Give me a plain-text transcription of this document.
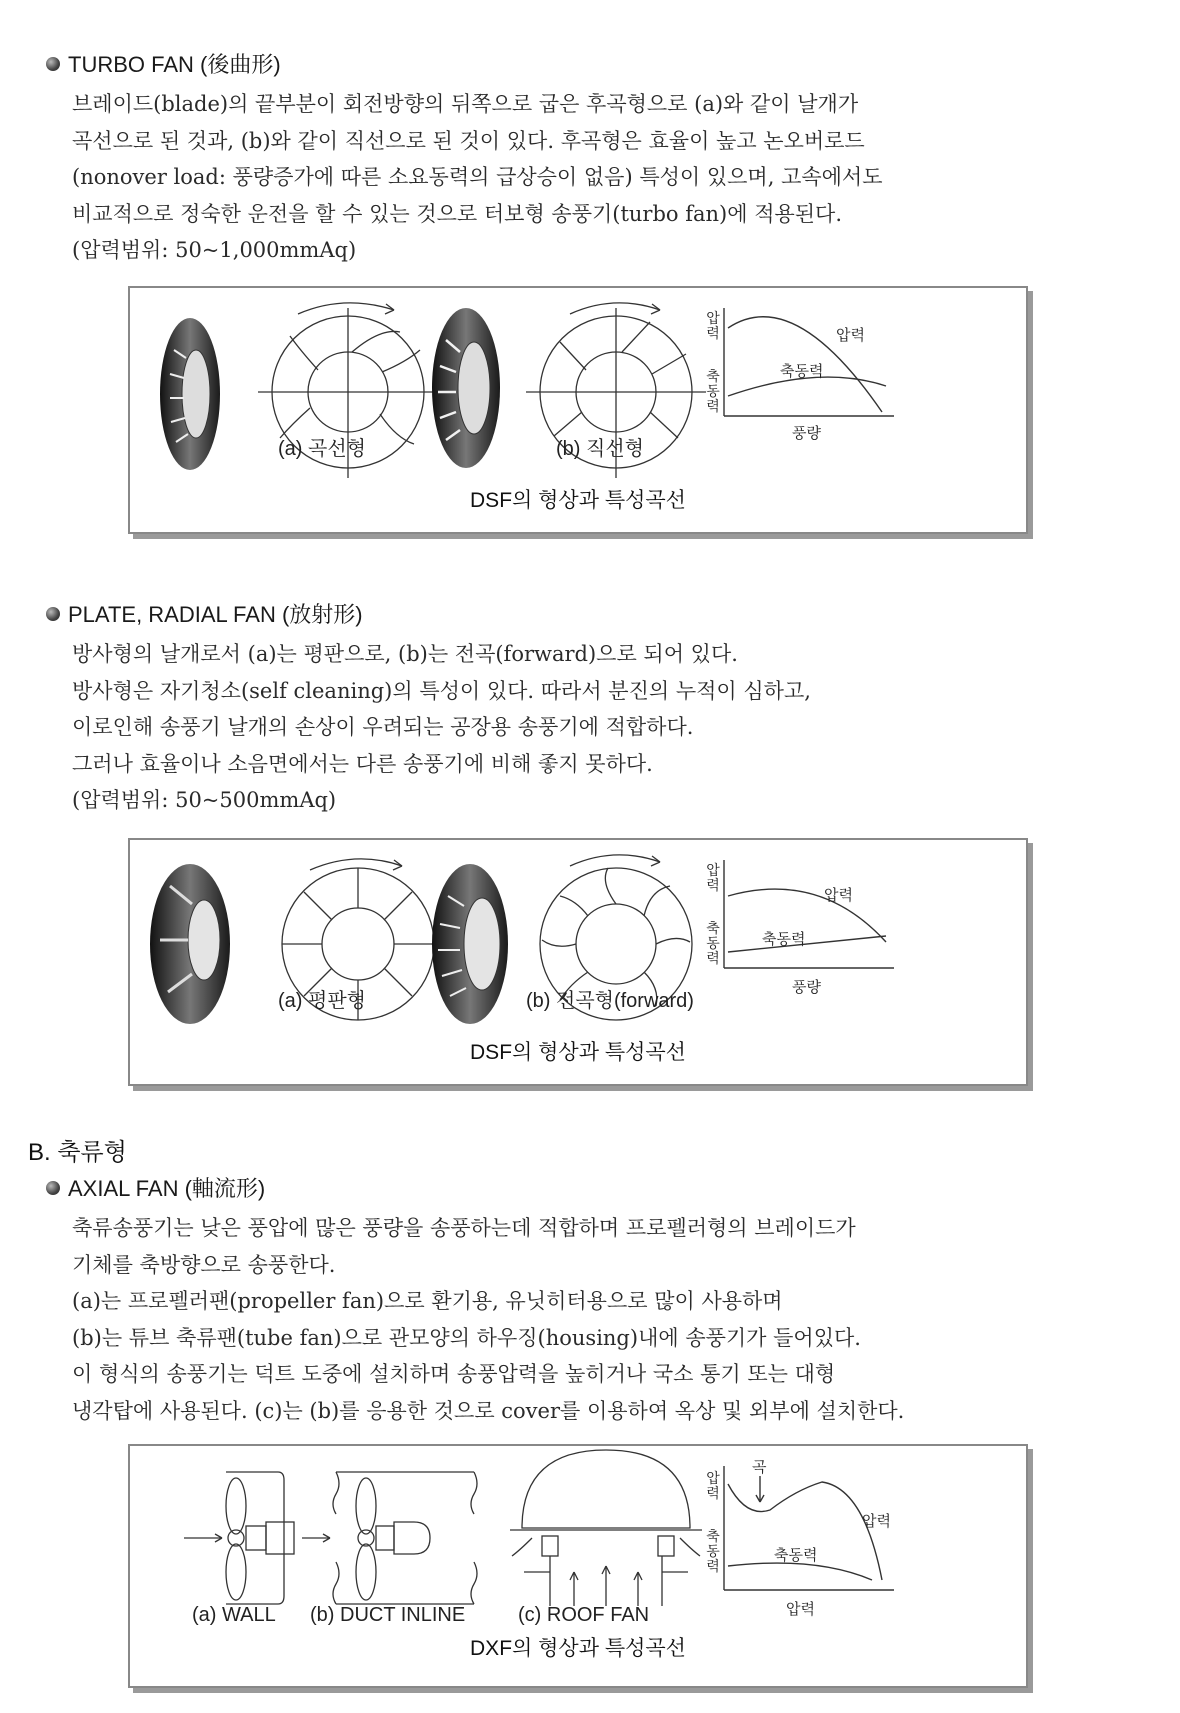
TURBO FAN (後曲形)
브레이드(blade)의 끝부분이 회전방향의 뒤쪽으로 굽은 후곡형으로 (a)와 같이 날개가
곡선으로 된 것과, (b)와 같이 직선으로 된 것이 있다. 후곡형은 효율이 높고 논오버로드
(nonover load: 풍량증가에 따른 소요동력의 급상승이 없음) 특성이 있으며, 고속에서도
비교적으로 정숙한 운전을 할 수 있는 것으로 터보형 송풍기(turbo fan)에 적용된다.
(압력범위: 50~1,000mmAq)
(a) 곡선형	(b) 직선형
압력
축동력
압력
축동력
풍량
DSF의 형상과 특성곡선
PLATE, RADIAL FAN (放射形)
방사형의 날개로서 (a)는 평판으로, (b)는 전곡(forward)으로 되어 있다.
방사형은 자기청소(self cleaning)의 특성이 있다. 따라서 분진의 누적이 심하고,
이로인해 송풍기 날개의 손상이 우려되는 공장용 송풍기에 적합하다.
그러나 효율이나 소음면에서는 다른 송풍기에 비해 좋지 못하다.
(압력범위: 50~500mmAq)
(a) 평판형	(b) 전곡형(forward)
압력
축동력
압력
축동력
풍량
DSF의 형상과 특성곡선
B. 축류형
AXIAL FAN (軸流形)
축류송풍기는 낮은 풍압에 많은 풍량을 송풍하는데 적합하며 프로펠러형의 브레이드가
기체를 축방향으로 송풍한다.
(a)는 프로펠러팬(propeller fan)으로 환기용, 유닛히터용으로 많이 사용하며
(b)는 튜브 축류팬(tube fan)으로 관모양의 하우징(housing)내에 송풍기가 들어있다.
이 형식의 송풍기는 덕트 도중에 설치하며 송풍압력을 높히거나 국소 통기 또는 대형
냉각탑에 사용된다. (c)는 (b)를 응용한 것으로 cover를 이용하여 옥상 및 외부에 설치한다.
(a) WALL (b) DUCT INLINE	(c) ROOF FAN
압력
축동력
곡
압력
축동력
압력
DXF의 형상과 특성곡선
